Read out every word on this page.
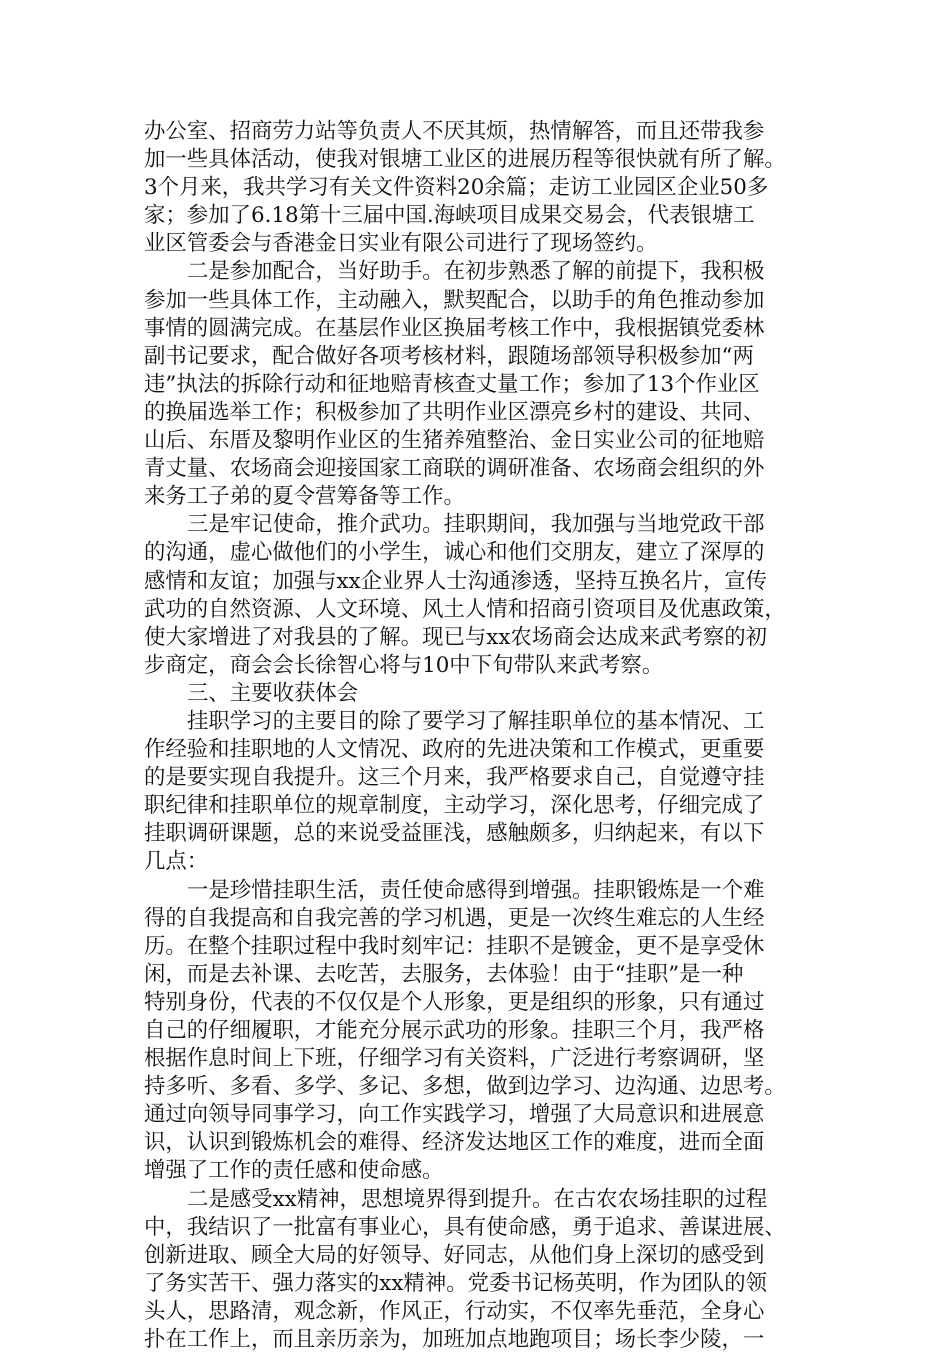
办公室、招商劳力站等负责人不厌其烦，热情解答，而且还带我参
加一些具体活动，使我对银塘工业区的进展历程等很快就有所了解。
3个月来，我共学习有关文件资料20余篇；走访工业园区企业50多
家；参加了6.18第十三届中国.海峡项目成果交易会，代表银塘工
业区管委会与香港金日实业有限公司进行了现场签约。
二是参加配合，当好助手。在初步熟悉了解的前提下，我积极
参加一些具体工作，主动融入，默契配合，以助手的角色推动参加
事情的圆满完成。在基层作业区换届考核工作中，我根据镇党委林
副书记要求，配合做好各项考核材料，跟随场部领导积极参加“两
违”执法的拆除行动和征地赔青核查丈量工作；参加了13个作业区
的换届选举工作；积极参加了共明作业区漂亮乡村的建设、共同、
山后、东厝及黎明作业区的生猪养殖整治、金日实业公司的征地赔
青丈量、农场商会迎接国家工商联的调研准备、农场商会组织的外
来务工子弟的夏令营筹备等工作。
三是牢记使命，推介武功。挂职期间，我加强与当地党政干部
的沟通，虚心做他们的小学生，诚心和他们交朋友，建立了深厚的
感情和友谊；加强与xx企业界人士沟通渗透，坚持互换名片，宣传
武功的自然资源、人文环境、风土人情和招商引资项目及优惠政策，
使大家增进了对我县的了解。现已与xx农场商会达成来武考察的初
步商定，商会会长徐智心将与10中下旬带队来武考察。
三、主要收获体会
挂职学习的主要目的除了要学习了解挂职单位的基本情况、工
作经验和挂职地的人文情况、政府的先进决策和工作模式，更重要
的是要实现自我提升。这三个月来，我严格要求自己，自觉遵守挂
职纪律和挂职单位的规章制度，主动学习，深化思考，仔细完成了
挂职调研课题，总的来说受益匪浅，感触颇多，归纳起来，有以下
几点：
一是珍惜挂职生活，责任使命感得到增强。挂职锻炼是一个难
得的自我提高和自我完善的学习机遇，更是一次终生难忘的人生经
历。在整个挂职过程中我时刻牢记：挂职不是镀金，更不是享受休
闲，而是去补课、去吃苦，去服务，去体验！由于“挂职”是一种
特别身份，代表的不仅仅是个人形象，更是组织的形象，只有通过
自己的仔细履职，才能充分展示武功的形象。挂职三个月，我严格
根据作息时间上下班，仔细学习有关资料，广泛进行考察调研，坚
持多听、多看、多学、多记、多想，做到边学习、边沟通、边思考。
通过向领导同事学习，向工作实践学习，增强了大局意识和进展意
识，认识到锻炼机会的难得、经济发达地区工作的难度，进而全面
增强了工作的责任感和使命感。
二是感受xx精神，思想境界得到提升。在古农农场挂职的过程
中，我结识了一批富有事业心，具有使命感，勇于追求、善谋进展、
创新进取、顾全大局的好领导、好同志，从他们身上深切的感受到
了务实苦干、强力落实的xx精神。党委书记杨英明，作为团队的领
头人，思路清，观念新，作风正，行动实，不仅率先垂范，全身心
扑在工作上，而且亲历亲为，加班加点地跑项目；场长李少陵，一
